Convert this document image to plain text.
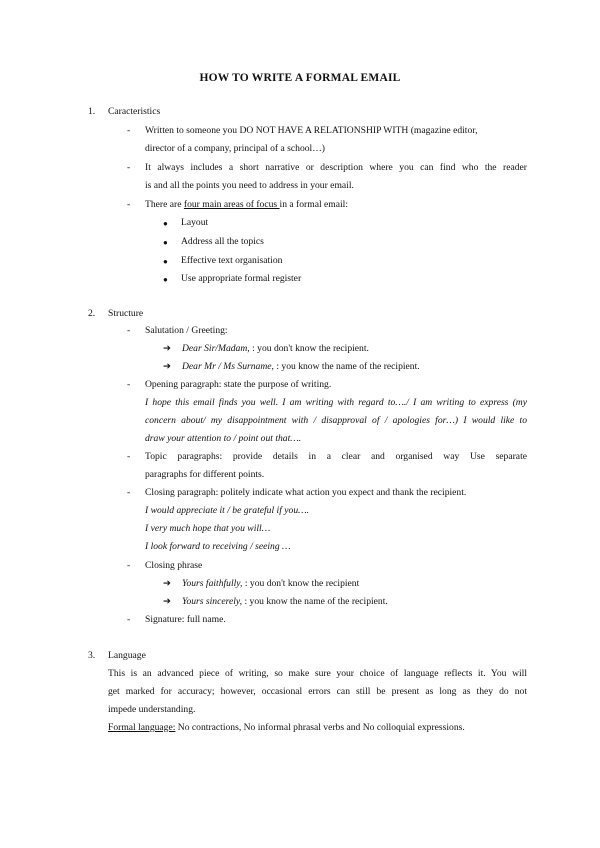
HOW TO WRITE A FORMAL EMAIL
1. Caracteristics
- Written to someone you DO NOT HAVE A RELATIONSHIP WITH (magazine editor,
director of a company, principal of a school…)
- It always includes a short narrative or description where you can find who the reader
is and all the points you need to address in your email.
- There are four main areas of focus in a formal email:
● Layout
● Address all the topics
● Effective text organisation
● Use appropriate formal register
2. Structure
- Salutation / Greeting:
➔ Dear Sir/Madam, : you don't know the recipient.
➔ Dear Mr / Ms Surname, : you know the name of the recipient.
- Opening paragraph: state the purpose of writing.
I hope this email finds you well. I am writing with regard to…./ I am writing to express (my
concern about/ my disappointment with / disapproval of / apologies for…) I would like to
draw your attention to / point out that….
- Topic paragraphs: provide details in a clear and organised way Use separate
paragraphs for different points.
- Closing paragraph: politely indicate what action you expect and thank the recipient.
I would appreciate it / be grateful if you….
I very much hope that you will…
I look forward to receiving / seeing …
- Closing phrase
➔ Yours faithfully, : you don't know the recipient
➔ Yours sincerely, : you know the name of the recipient.
- Signature: full name.
3. Language
This is an advanced piece of writing, so make sure your choice of language reflects it. You will
get marked for accuracy; however, occasional errors can still be present as long as they do not
impede understanding.
Formal language: No contractions, No informal phrasal verbs and No colloquial expressions.
